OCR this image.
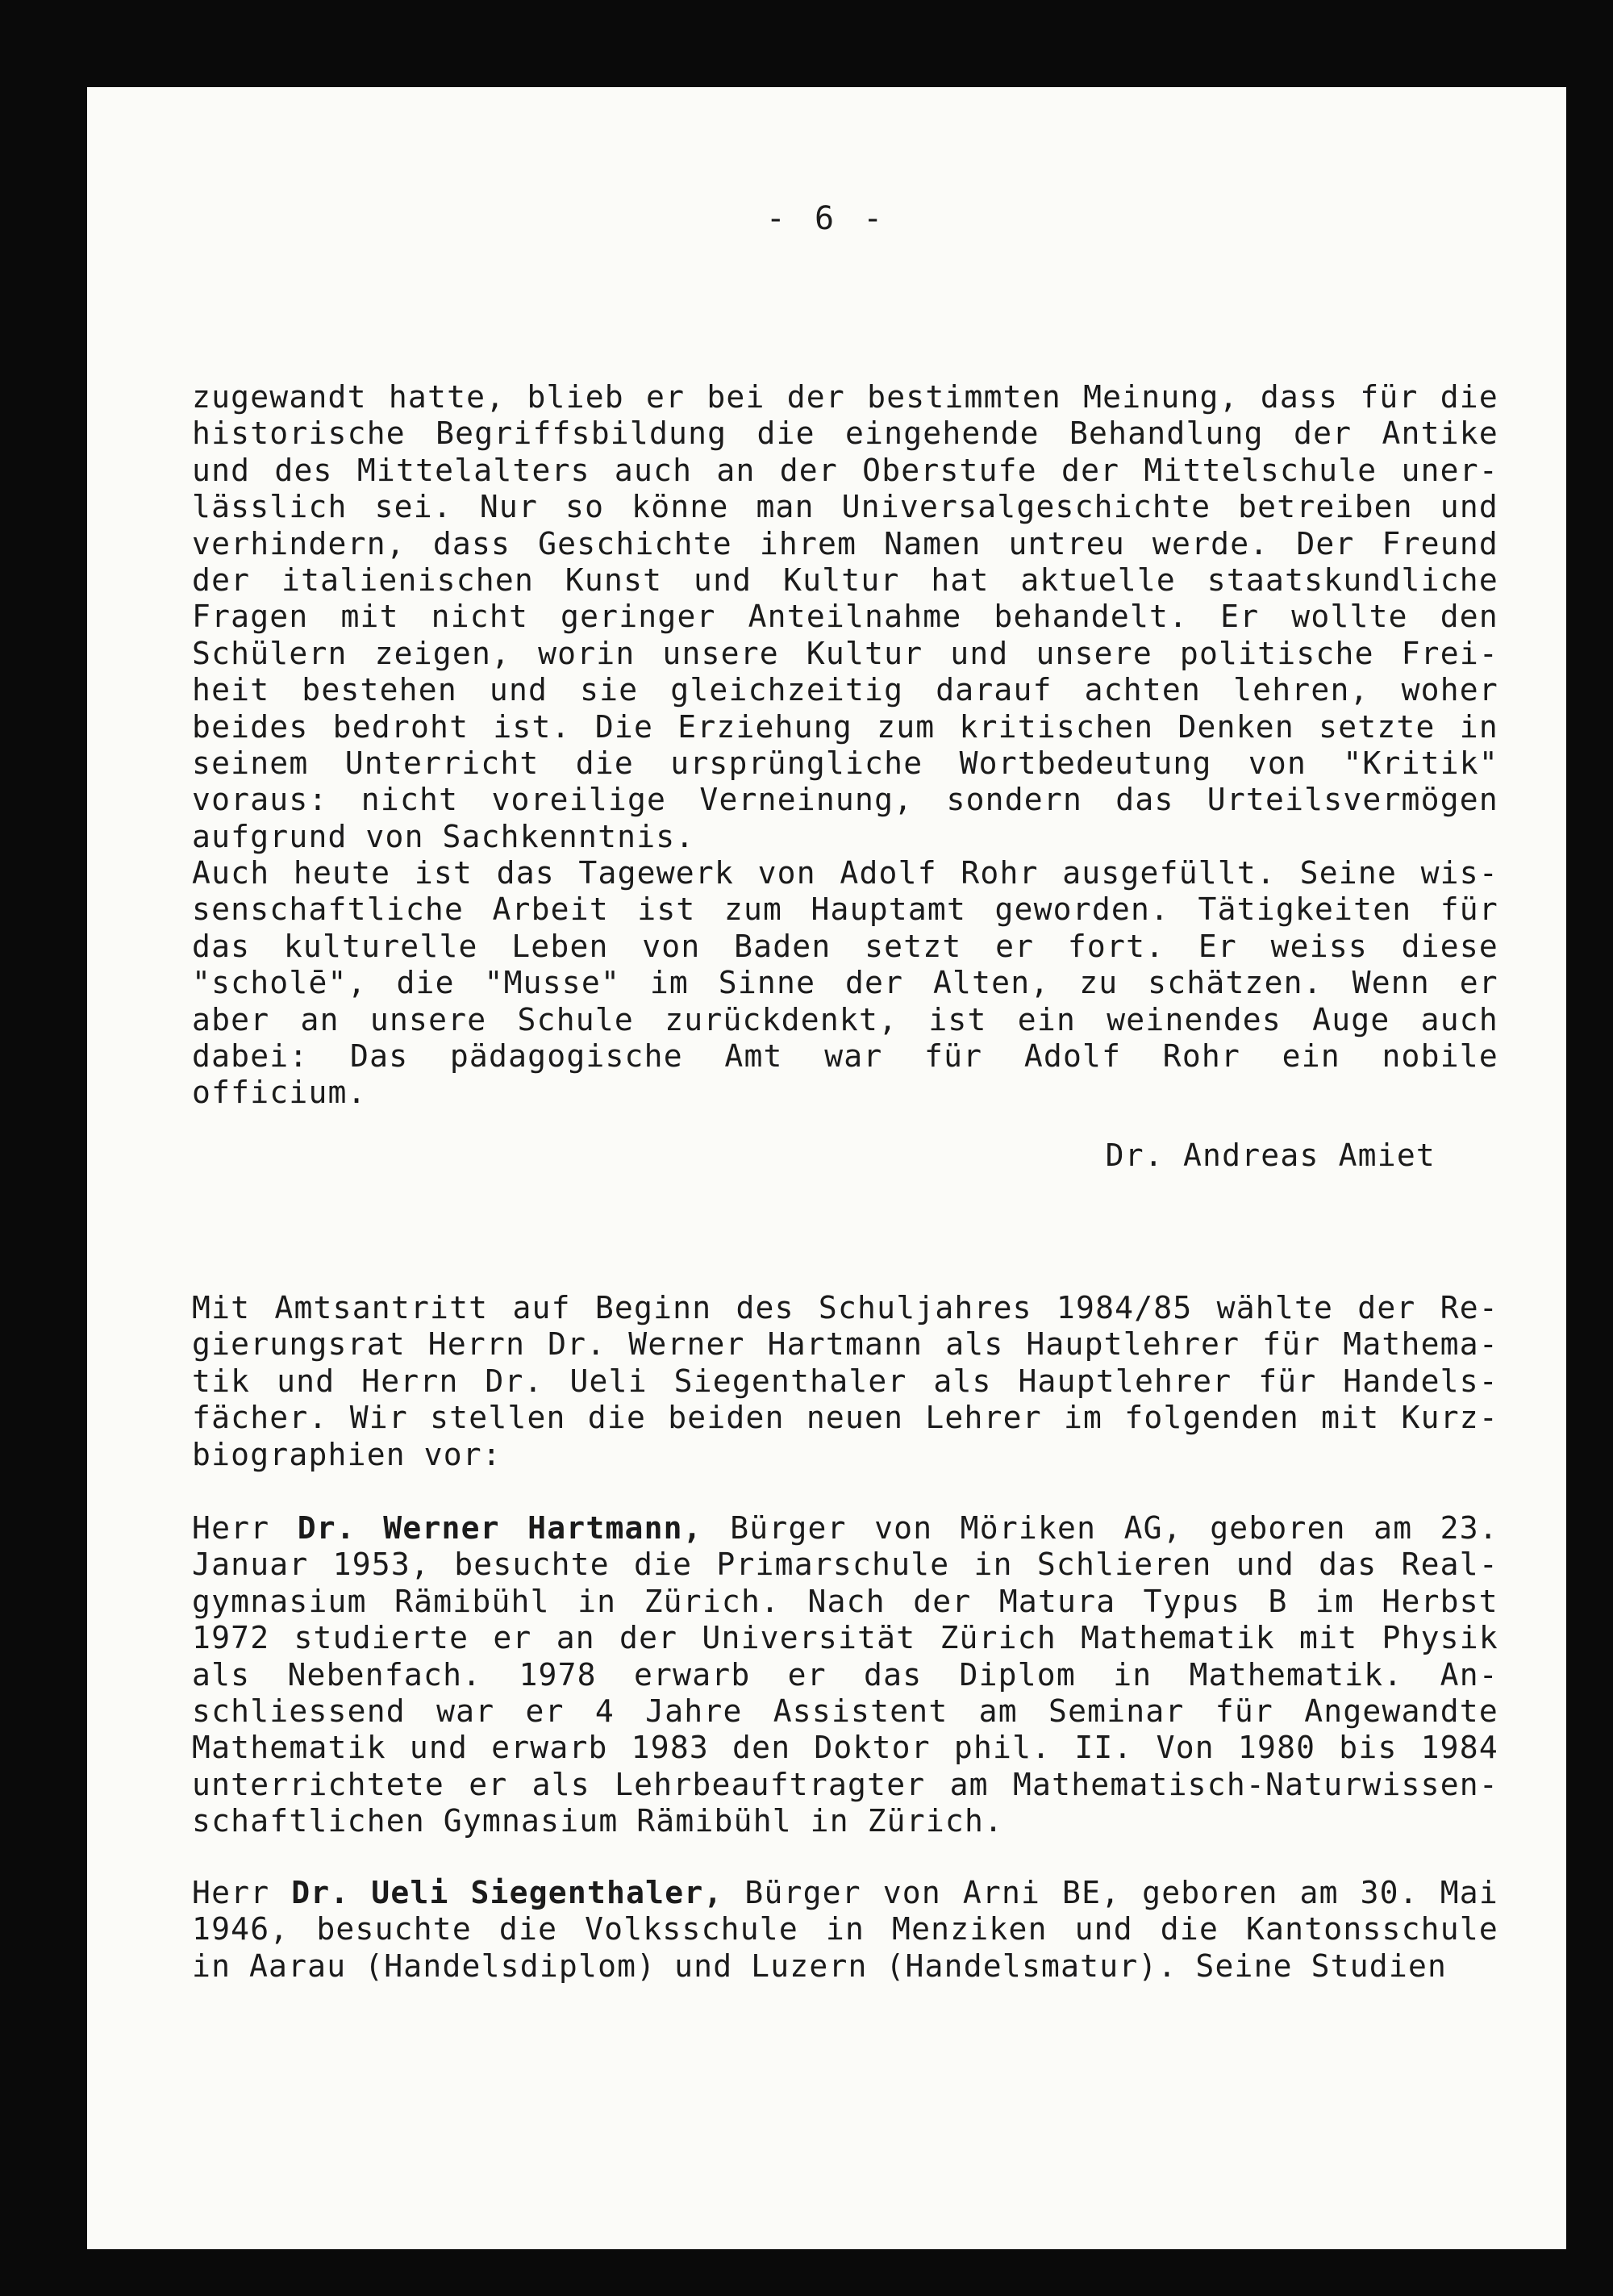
- 6 -
zugewandt hatte, blieb er bei der bestimmten Meinung, dass für die
historische Begriffsbildung die eingehende Behandlung der Antike
und des Mittelalters auch an der Oberstufe der Mittelschule uner-
lässlich sei. Nur so könne man Universalgeschichte betreiben und
verhindern, dass Geschichte ihrem Namen untreu werde. Der Freund
der italienischen Kunst und Kultur hat aktuelle staatskundliche
Fragen mit nicht geringer Anteilnahme behandelt. Er wollte den
Schülern zeigen, worin unsere Kultur und unsere politische Frei-
heit bestehen und sie gleichzeitig darauf achten lehren, woher
beides bedroht ist. Die Erziehung zum kritischen Denken setzte in
seinem Unterricht die ursprüngliche Wortbedeutung von "Kritik"
voraus: nicht voreilige Verneinung, sondern das Urteilsvermögen
aufgrund von Sachkenntnis.
Auch heute ist das Tagewerk von Adolf Rohr ausgefüllt. Seine wis-
senschaftliche Arbeit ist zum Hauptamt geworden. Tätigkeiten für
das kulturelle Leben von Baden setzt er fort. Er weiss diese
"scholē", die "Musse" im Sinne der Alten, zu schätzen. Wenn er
aber an unsere Schule zurückdenkt, ist ein weinendes Auge auch
dabei: Das pädagogische Amt war für Adolf Rohr ein nobile
officium.
Dr. Andreas Amiet
Mit Amtsantritt auf Beginn des Schuljahres 1984/85 wählte der Re-
gierungsrat Herrn Dr. Werner Hartmann als Hauptlehrer für Mathema-
tik und Herrn Dr. Ueli Siegenthaler als Hauptlehrer für Handels-
fächer. Wir stellen die beiden neuen Lehrer im folgenden mit Kurz-
biographien vor:
Herr Dr. Werner Hartmann, Bürger von Möriken AG, geboren am 23.
Januar 1953, besuchte die Primarschule in Schlieren und das Real-
gymnasium Rämibühl in Zürich. Nach der Matura Typus B im Herbst
1972 studierte er an der Universität Zürich Mathematik mit Physik
als Nebenfach. 1978 erwarb er das Diplom in Mathematik. An-
schliessend war er 4 Jahre Assistent am Seminar für Angewandte
Mathematik und erwarb 1983 den Doktor phil. II. Von 1980 bis 1984
unterrichtete er als Lehrbeauftragter am Mathematisch-Naturwissen-
schaftlichen Gymnasium Rämibühl in Zürich.
Herr Dr. Ueli Siegenthaler, Bürger von Arni BE, geboren am 30. Mai
1946, besuchte die Volksschule in Menziken und die Kantonsschule
in Aarau (Handelsdiplom) und Luzern (Handelsmatur). Seine Studien
